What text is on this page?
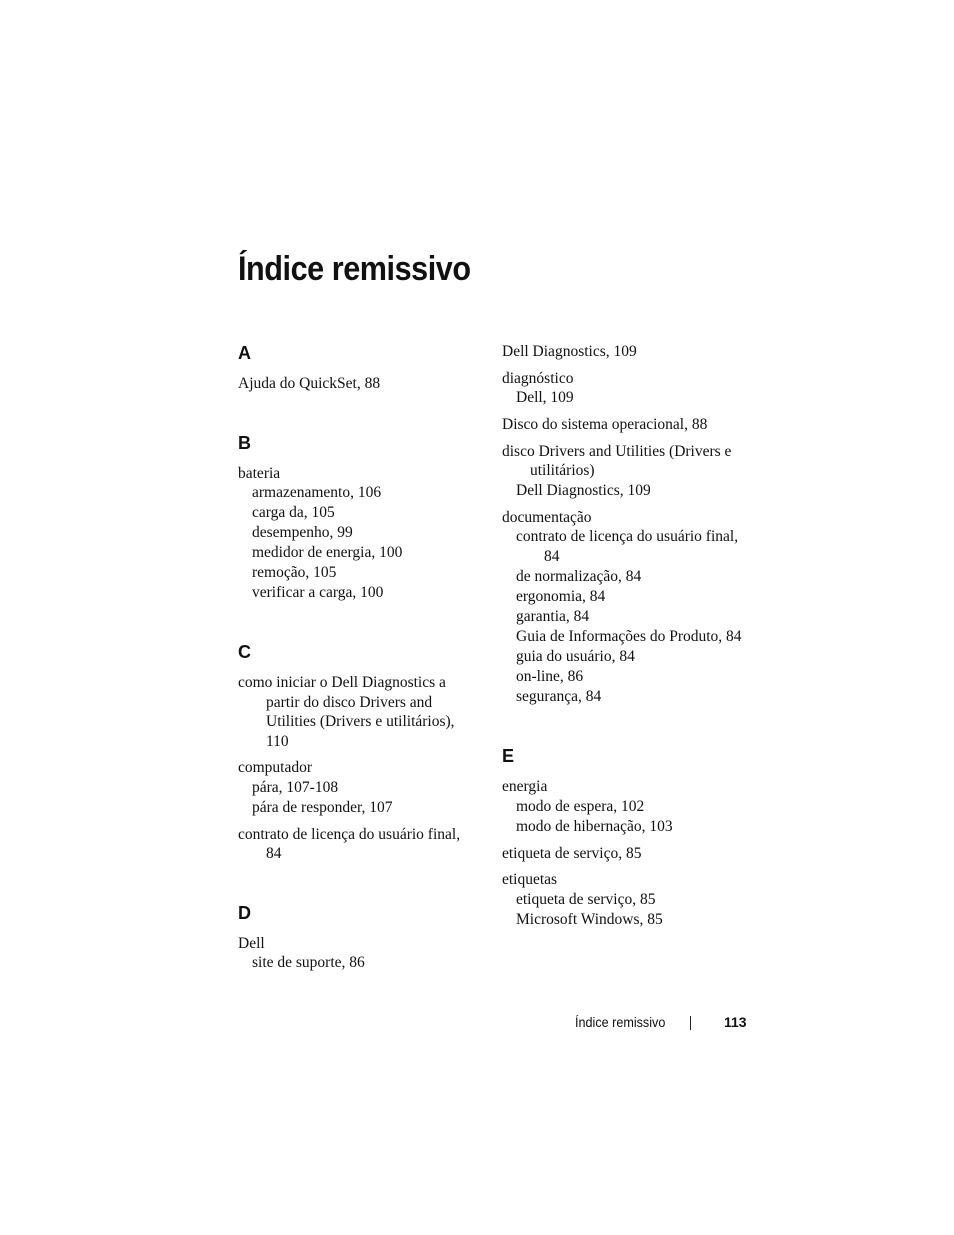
Índice remissivo
A
Ajuda do QuickSet, 88
B
bateria
armazenamento, 106
carga da, 105
desempenho, 99
medidor de energia, 100
remoção, 105
verificar a carga, 100
C
como iniciar o Dell Diagnostics a partir do disco Drivers and Utilities (Drivers e utilitários), 110
computador
pára, 107-108
pára de responder, 107
contrato de licença do usuário final, 84
D
Dell
site de suporte, 86
Dell Diagnostics, 109
diagnóstico
Dell, 109
Disco do sistema operacional, 88
disco Drivers and Utilities (Drivers e utilitários)
Dell Diagnostics, 109
documentação
contrato de licença do usuário final, 84
de normalização, 84
ergonomia, 84
garantia, 84
Guia de Informações do Produto, 84
guia do usuário, 84
on-line, 86
segurança, 84
E
energia
modo de espera, 102
modo de hibernação, 103
etiqueta de serviço, 85
etiquetas
etiqueta de serviço, 85
Microsoft Windows, 85
Índice remissivo	113
